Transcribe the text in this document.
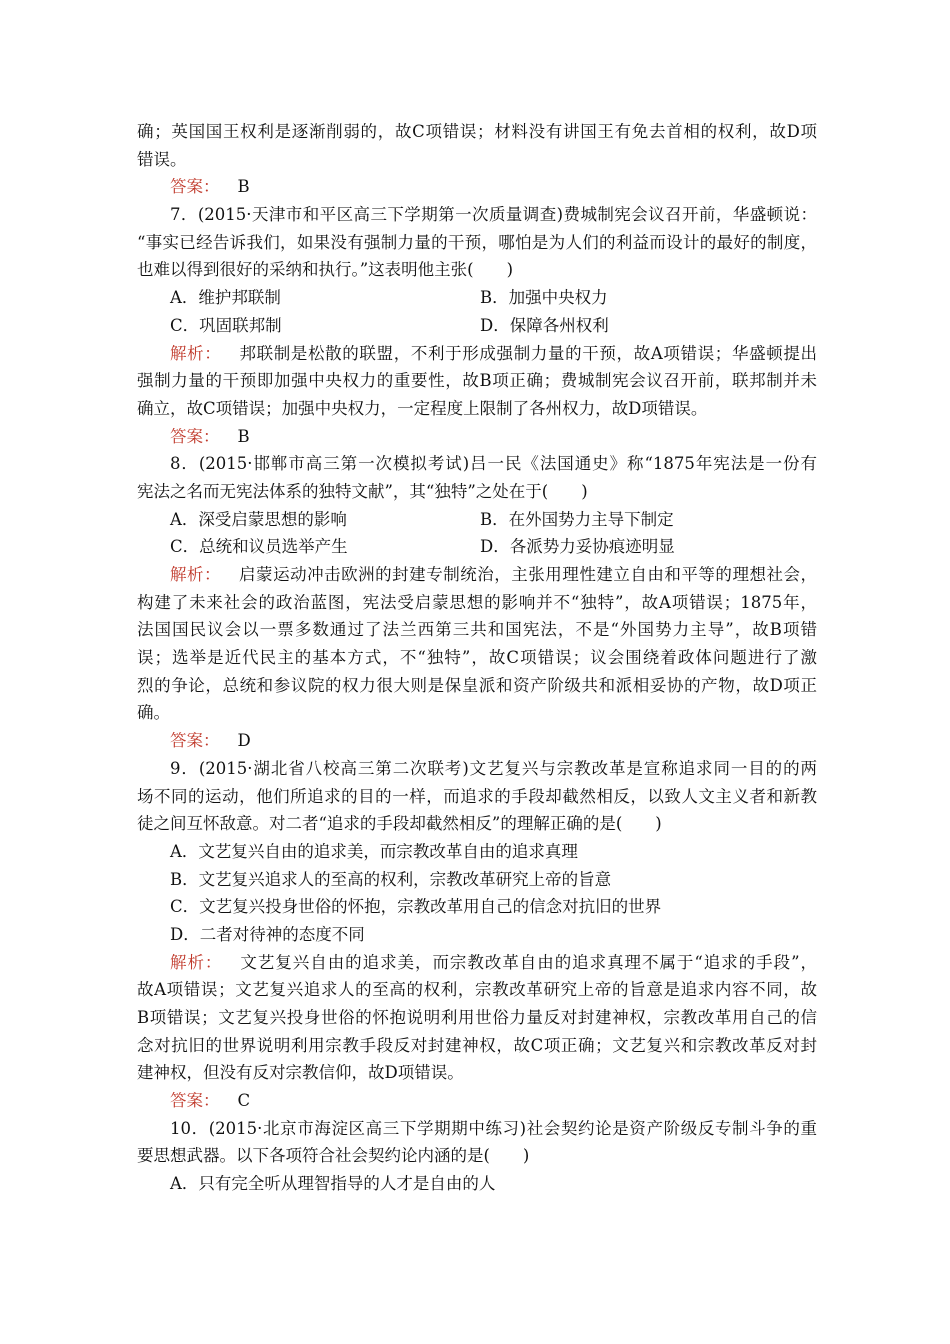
确；英国国王权利是逐渐削弱的，故C项错误；材料没有讲国王有免去首相的权利，故D项
错误。
答案： B
7．(2015·天津市和平区高三下学期第一次质量调查)费城制宪会议召开前，华盛顿说：
“事实已经告诉我们，如果没有强制力量的干预，哪怕是为人们的利益而设计的最好的制度，
也难以得到很好的采纳和执行。”这表明他主张(　　)
A．维护邦联制	B．加强中央权力
C．巩固联邦制	D．保障各州权利
解析： 邦联制是松散的联盟，不利于形成强制力量的干预，故A项错误；华盛顿提出
强制力量的干预即加强中央权力的重要性，故B项正确；费城制宪会议召开前，联邦制并未
确立，故C项错误；加强中央权力，一定程度上限制了各州权力，故D项错误。
答案： B
8．(2015·邯郸市高三第一次模拟考试)吕一民《法国通史》称“1875年宪法是一份有
宪法之名而无宪法体系的独特文献”，其“独特”之处在于(　　)
A．深受启蒙思想的影响	B．在外国势力主导下制定
C．总统和议员选举产生	D．各派势力妥协痕迹明显
解析： 启蒙运动冲击欧洲的封建专制统治，主张用理性建立自由和平等的理想社会，
构建了未来社会的政治蓝图，宪法受启蒙思想的影响并不“独特”，故A项错误；1875年，
法国国民议会以一票多数通过了法兰西第三共和国宪法，不是“外国势力主导”，故B项错
误；选举是近代民主的基本方式，不“独特”，故C项错误；议会围绕着政体问题进行了激
烈的争论，总统和参议院的权力很大则是保皇派和资产阶级共和派相妥协的产物，故D项正
确。
答案： D
9．(2015·湖北省八校高三第二次联考)文艺复兴与宗教改革是宣称追求同一目的的两
场不同的运动，他们所追求的目的一样，而追求的手段却截然相反，以致人文主义者和新教
徒之间互怀敌意。对二者“追求的手段却截然相反”的理解正确的是(　　)
A．文艺复兴自由的追求美，而宗教改革自由的追求真理
B．文艺复兴追求人的至高的权利，宗教改革研究上帝的旨意
C．文艺复兴投身世俗的怀抱，宗教改革用自己的信念对抗旧的世界
D．二者对待神的态度不同
解析： 文艺复兴自由的追求美，而宗教改革自由的追求真理不属于“追求的手段”，
故A项错误；文艺复兴追求人的至高的权利，宗教改革研究上帝的旨意是追求内容不同，故
B项错误；文艺复兴投身世俗的怀抱说明利用世俗力量反对封建神权，宗教改革用自己的信
念对抗旧的世界说明利用宗教手段反对封建神权，故C项正确；文艺复兴和宗教改革反对封
建神权，但没有反对宗教信仰，故D项错误。
答案： C
10．(2015·北京市海淀区高三下学期期中练习)社会契约论是资产阶级反专制斗争的重
要思想武器。以下各项符合社会契约论内涵的是(　　)
A．只有完全听从理智指导的人才是自由的人
